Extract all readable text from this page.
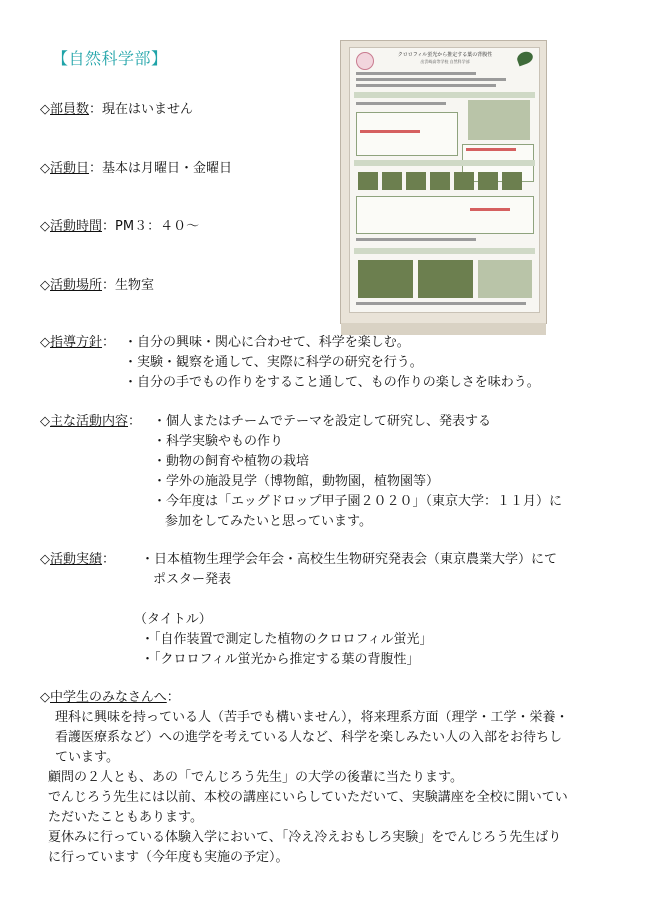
【自然科学部】	クロロフィル蛍光から推定する葉の背腹性
出雲崎高等学校 自然科学部
◇部員数：現在はいません
◇活動日：基本は月曜日・金曜日
◇活動時間：PM３：４０～
◇活動場所：生物室
◇指導方針： ・自分の興味・関心に合わせて、科学を楽しむ。
・実験・観察を通して、実際に科学の研究を行う。
・自分の手でもの作りをすること通して、もの作りの楽しさを味わう。
◇主な活動内容： ・個人またはチームでテーマを設定して研究し、発表する
・科学実験やもの作り
・動物の飼育や植物の栽培
・学外の施設見学（博物館，動物園，植物園等）
・今年度は「エッグドロップ甲子園２０２０」（東京大学：１１月）に
参加をしてみたいと思っています。
◇活動実績： ・日本植物生理学会年会・高校生生物研究発表会（東京農業大学）にて
ポスター発表
（タイトル）
・「自作装置で測定した植物のクロロフィル蛍光」
・「クロロフィル蛍光から推定する葉の背腹性」
◇中学生のみなさんへ：
理科に興味を持っている人（苦手でも構いません），将来理系方面（理学・工学・栄養・
看護医療系など）への進学を考えている人など、科学を楽しみたい人の入部をお待ちし
ています。
顧問の２人とも、あの「でんじろう先生」の大学の後輩に当たります。
でんじろう先生には以前、本校の講座にいらしていただいて、実験講座を全校に開いてい
ただいたこともあります。
夏休みに行っている体験入学において、「冷え冷えおもしろ実験」をでんじろう先生ばり
に行っています（今年度も実施の予定）。
